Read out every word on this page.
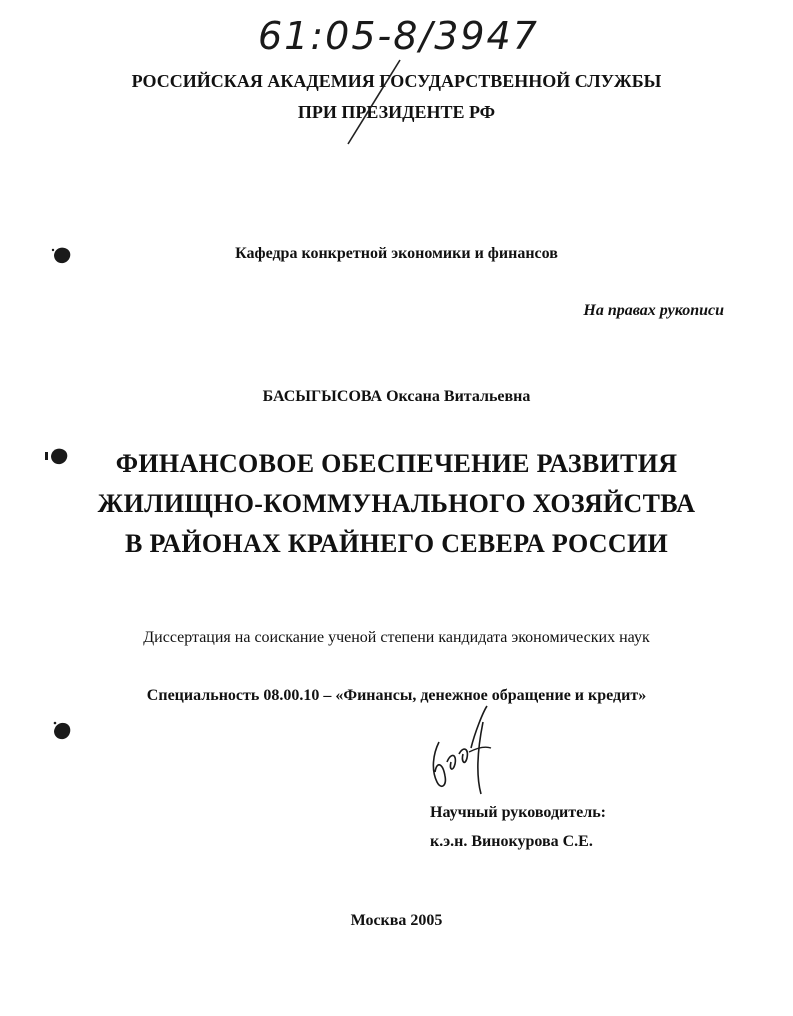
61:05-8/3947
РОССИЙСКАЯ АКАДЕМИЯ ГОСУДАРСТВЕННОЙ СЛУЖБЫ
ПРИ ПРЕЗИДЕНТЕ РФ
Кафедра конкретной экономики и финансов
На правах рукописи
БАСЫГЫСОВА Оксана Витальевна
ФИНАНСОВОЕ ОБЕСПЕЧЕНИЕ РАЗВИТИЯ
ЖИЛИЩНО-КОММУНАЛЬНОГО ХОЗЯЙСТВА
В РАЙОНАХ КРАЙНЕГО СЕВЕРА РОССИИ
Диссертация на соискание ученой степени кандидата экономических наук
Специальность 08.00.10 – «Финансы, денежное обращение и кредит»
Научный руководитель:
к.э.н. Винокурова С.Е.
Москва 2005
